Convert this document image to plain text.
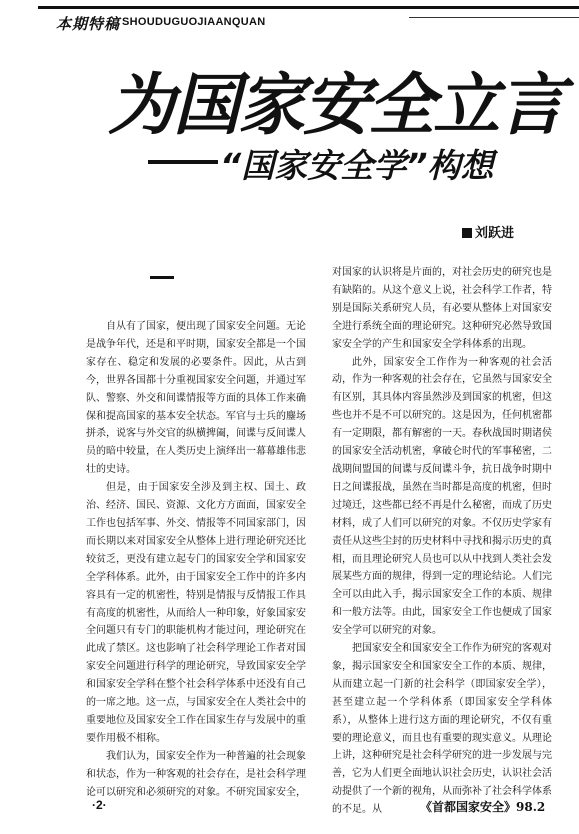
本期特稿 SHOUDUGUOJIAANQUAN
为国家安全立言
“国家安全学”构想
刘跃进

自从有了国家，便出现了国家安全问题。无论是战争年代，还是和平时期，国家安全都是一个国家存在、稳定和发展的必要条件。因此，从古到今，世界各国都十分重视国家安全问题，并通过军队、警察、外交和间谍情报等方面的具体工作来确保和提高国家的基本安全状态。军官与士兵的鏖场拼杀，说客与外交官的纵横捭阖，间谍与反间谍人员的暗中较量，在人类历史上演绎出一幕幕雄伟悲壮的史诗。

但是，由于国家安全涉及到主权、国土、政治、经济、国民、资源、文化方方面面，国家安全工作也包括军事、外交、情报等不同国家部门，因而长期以来对国家安全从整体上进行理论研究还比较贫乏，更没有建立起专门的国家安全学和国家安全学科体系。此外，由于国家安全工作中的许多内容具有一定的机密性，特别是情报与反情报工作具有高度的机密性，从而给人一种印象，好象国家安全问题只有专门的职能机构才能过问，理论研究在此成了禁区。这也影响了社会科学理论工作者对国家安全问题进行科学的理论研究，导致国家安全学和国家安全学科在整个社会科学体系中还没有自己的一席之地。这一点，与国家安全在人类社会中的重要地位及国家安全工作在国家生存与发展中的重要作用极不相称。

我们认为，国家安全作为一种普遍的社会现象和状态，作为一种客观的社会存在，是社会科学理论可以研究和必须研究的对象。不研究国家安全，

对国家的认识将是片面的，对社会历史的研究也是有缺陷的。从这个意义上说，社会科学工作者，特别是国际关系研究人员，有必要从整体上对国家安全进行系统全面的理论研究。这种研究必然导致国家安全学的产生和国家安全学科体系的出现。

此外，国家安全工作作为一种客观的社会活动，作为一种客观的社会存在，它虽然与国家安全有区别，其具体内容虽然涉及到国家的机密，但这些也并不是不可以研究的。这是因为，任何机密都有一定期限，都有解密的一天。春秋战国时期诸侯的国家安全活动机密，拿破仑时代的军事秘密，二战期间盟国的间谍与反间谍斗争，抗日战争时期中日之间谍报战，虽然在当时都是高度的机密，但时过境迁，这些都已经不再是什么秘密，而成了历史材料，成了人们可以研究的对象。不仅历史学家有责任从这些尘封的历史材料中寻找和揭示历史的真相，而且理论研究人员也可以从中找到人类社会发展某些方面的规律，得到一定的理论结论。人们完全可以由此入手，揭示国家安全工作的本质、规律和一般方法等。由此，国家安全工作也便成了国家安全学可以研究的对象。

把国家安全和国家安全工作作为研究的客观对象，揭示国家安全和国家安全工作的本质、规律，从而建立起一门新的社会科学（即国家安全学），甚至建立起一个学科体系（即国家安全学科体系），从整体上进行这方面的理论研究，不仅有重要的理论意义，而且也有重要的现实意义。从理论上讲，这种研究是社会科学研究的进一步发展与完善，它为人们更全面地认识社会历史，认识社会活动提供了一个新的视角，从而弥补了社会科学体系的不足。从

·2·	《首都国家安全》98.2
